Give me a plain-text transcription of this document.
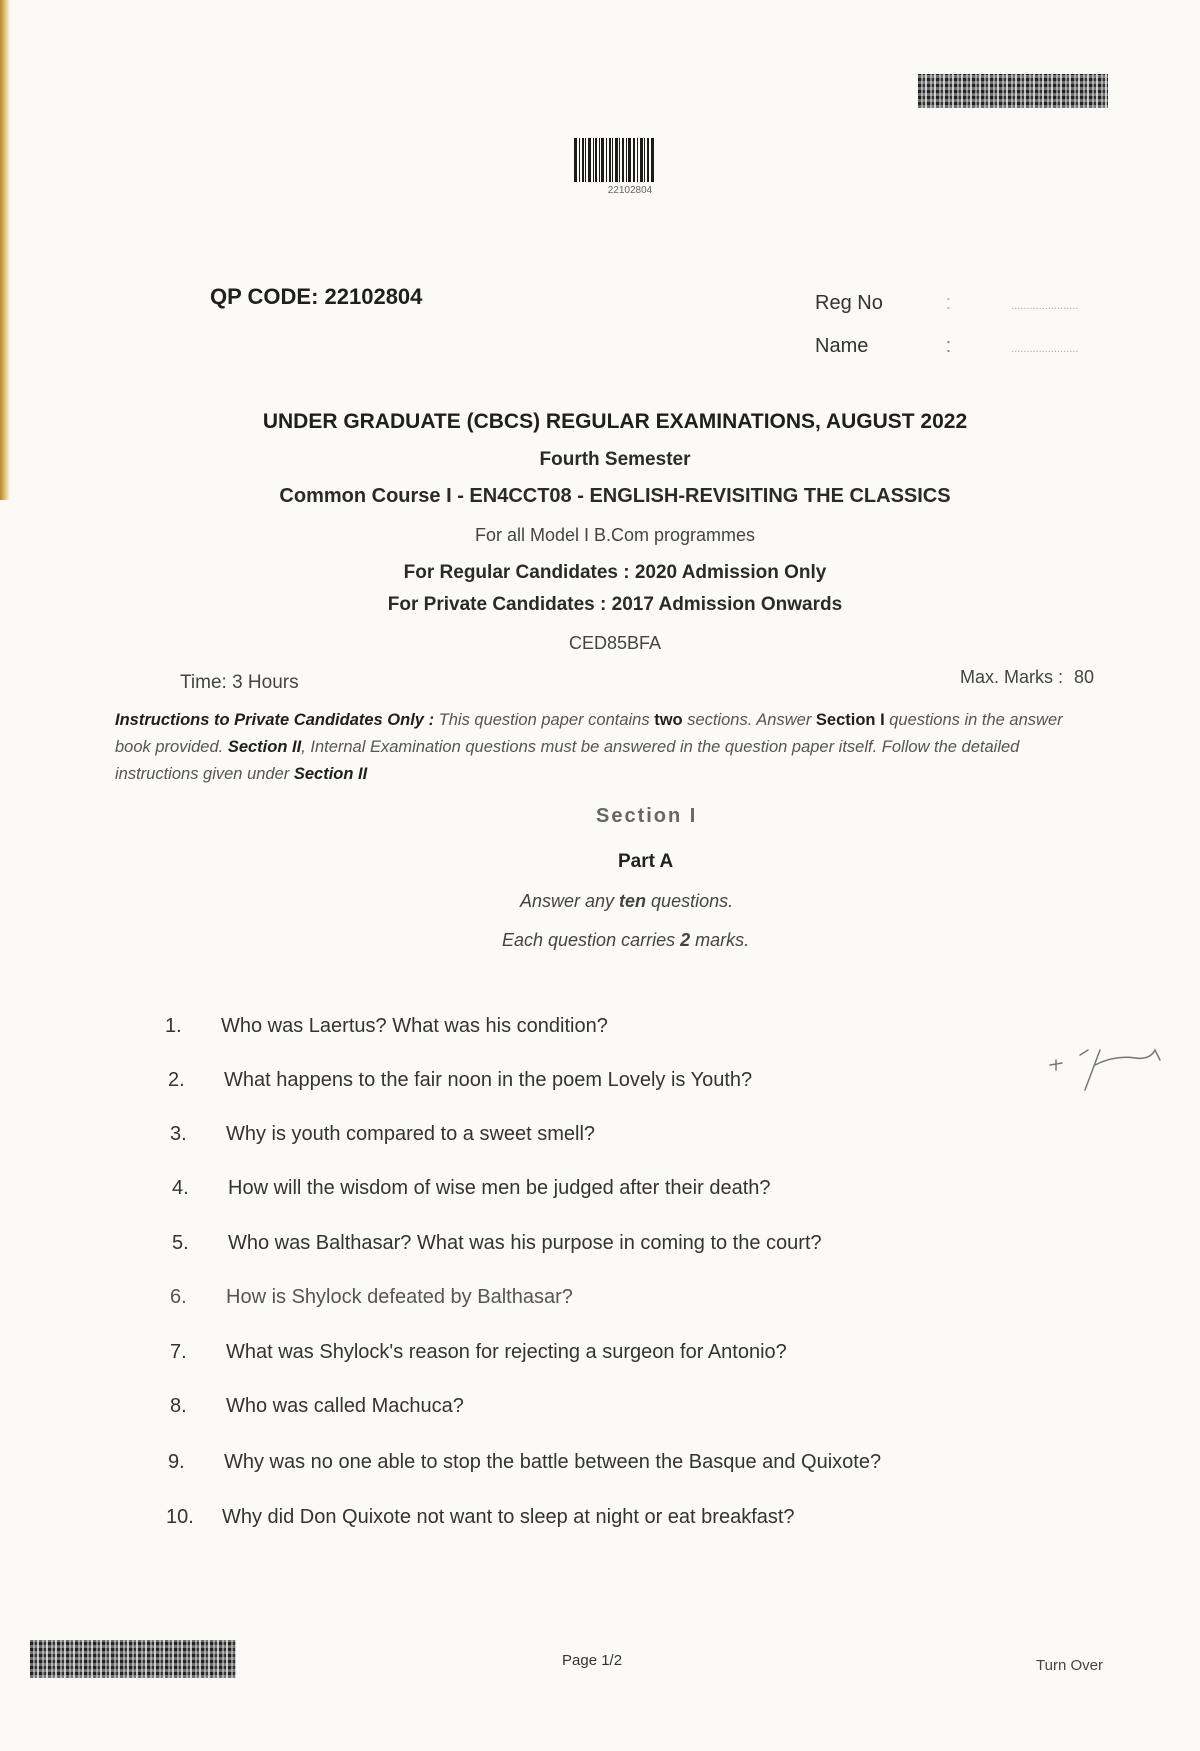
22102804
QP CODE: 22102804	Reg No	:	......................
Name	:	......................
UNDER GRADUATE (CBCS) REGULAR EXAMINATIONS, AUGUST 2022
Fourth Semester
Common Course I - EN4CCT08 - ENGLISH-REVISITING THE CLASSICS
For all Model I B.Com programmes
For Regular Candidates : 2020 Admission Only
For Private Candidates : 2017 Admission Onwards
CED85BFA
Time: 3 Hours	Max. Marks : 80
Instructions to Private Candidates Only : This question paper contains two sections. Answer Section I questions in the answer book provided. Section II, Internal Examination questions must be answered in the question paper itself. Follow the detailed instructions given under Section II
Section I
Part A
Answer any ten questions.
Each question carries 2 marks.
1. Who was Laertus? What was his condition?
2. What happens to the fair noon in the poem Lovely is Youth?
3. Why is youth compared to a sweet smell?
4. How will the wisdom of wise men be judged after their death?
5. Who was Balthasar? What was his purpose in coming to the court?
6. How is Shylock defeated by Balthasar?
7. What was Shylock's reason for rejecting a surgeon for Antonio?
8. Who was called Machuca?
9. Why was no one able to stop the battle between the Basque and Quixote?
10. Why did Don Quixote not want to sleep at night or eat breakfast?
Page 1/2	Turn Over
